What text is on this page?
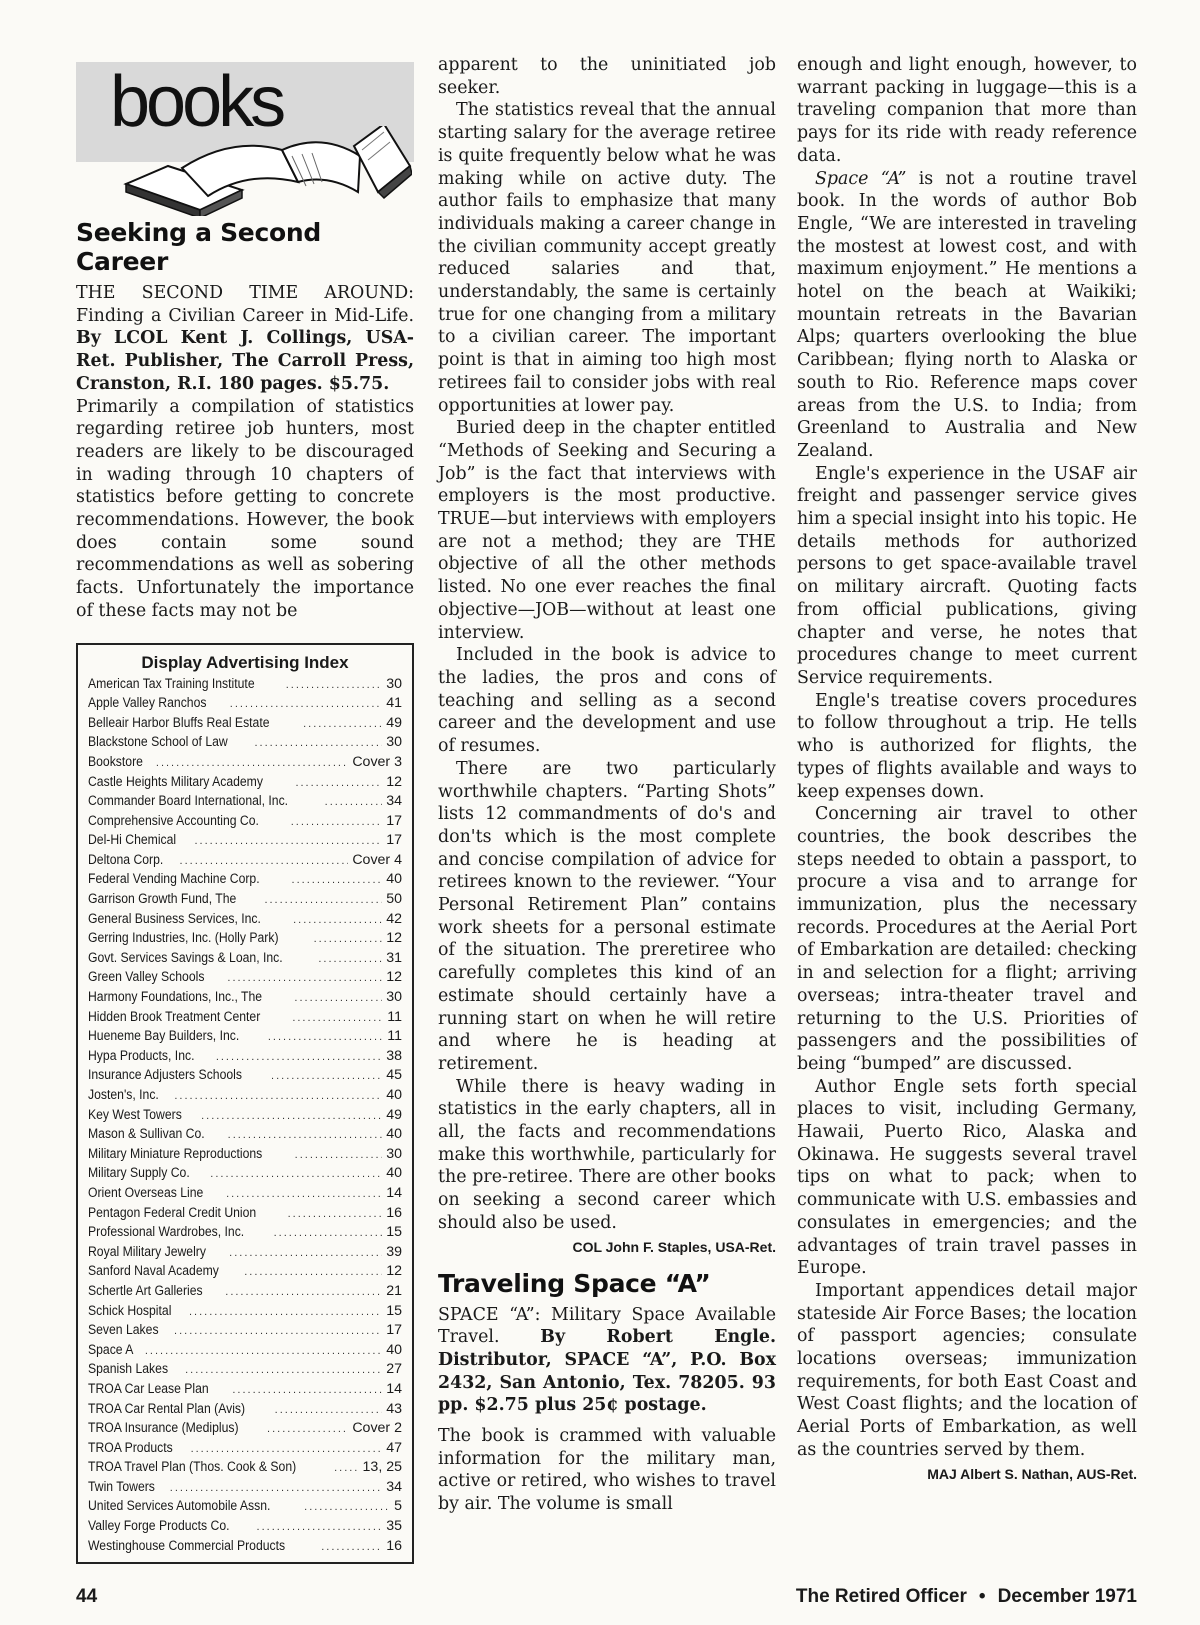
books
Seeking a Second Career

THE SECOND TIME AROUND: Finding a Civilian Career in Mid-Life. By LCOL Kent J. Collings, USA-Ret. Publisher, The Carroll Press, Cranston, R.I. 180 pages. $5.75.

Primarily a compilation of statistics regarding retiree job hunters, most readers are likely to be discouraged in wading through 10 chapters of statistics before getting to concrete recommendations. However, the book does contain some sound recommendations as well as sobering facts. Unfortunately the importance of these facts may not be

Display Advertising Index
American Tax Training Institute .....	30
Apple Valley Ranchos .....	41
Belleair Harbor Bluffs Real Estate .....	49
Blackstone School of Law .....	30
Bookstore .....	Cover 3
Castle Heights Military Academy .....	12
Commander Board International, Inc. .....	34
Comprehensive Accounting Co. .....	17
Del-Hi Chemical .....	17
Deltona Corp. .....	Cover 4
Federal Vending Machine Corp. .....	40
Garrison Growth Fund, The .....	50
General Business Services, Inc. .....	42
Gerring Industries, Inc. (Holly Park) .....	12
Govt. Services Savings & Loan, Inc. .....	31
Green Valley Schools .....	12
Harmony Foundations, Inc., The .....	30
Hidden Brook Treatment Center .....	11
Hueneme Bay Builders, Inc. .....	11
Hypa Products, Inc. .....	38
Insurance Adjusters Schools .....	45
Josten's, Inc. .....	40
Key West Towers .....	49
Mason & Sullivan Co. .....	40
Military Miniature Reproductions .....	30
Military Supply Co. .....	40
Orient Overseas Line .....	14
Pentagon Federal Credit Union .....	16
Professional Wardrobes, Inc. .....	15
Royal Military Jewelry .....	39
Sanford Naval Academy .....	12
Schertle Art Galleries .....	21
Schick Hospital .....	15
Seven Lakes .....	17
Space A .....	40
Spanish Lakes .....	27
TROA Car Lease Plan .....	14
TROA Car Rental Plan (Avis) .....	43
TROA Insurance (Mediplus) .....	Cover 2
TROA Products .....	47
TROA Travel Plan (Thos. Cook & Son) .....	13, 25
Twin Towers .....	34
United Services Automobile Assn. .....	5
Valley Forge Products Co. .....	35
Westinghouse Commercial Products .....	16

apparent to the uninitiated job seeker.

The statistics reveal that the annual starting salary for the average retiree is quite frequently below what he was making while on active duty. The author fails to emphasize that many individuals making a career change in the civilian community accept greatly reduced salaries and that, understandably, the same is certainly true for one changing from a military to a civilian career. The important point is that in aiming too high most retirees fail to consider jobs with real opportunities at lower pay.

Buried deep in the chapter entitled “Methods of Seeking and Securing a Job” is the fact that interviews with employers is the most productive. TRUE—but interviews with employers are not a method; they are THE objective of all the other methods listed. No one ever reaches the final objective—JOB—without at least one interview.

Included in the book is advice to the ladies, the pros and cons of teaching and selling as a second career and the development and use of resumes.

There are two particularly worthwhile chapters. “Parting Shots” lists 12 commandments of do's and don'ts which is the most complete and concise compilation of advice for retirees known to the reviewer. “Your Personal Retirement Plan” contains work sheets for a personal estimate of the situation. The preretiree who carefully completes this kind of an estimate should certainly have a running start on when he will retire and where he is heading at retirement.

While there is heavy wading in statistics in the early chapters, all in all, the facts and recommendations make this worthwhile, particularly for the pre-retiree. There are other books on seeking a second career which should also be used.

COL John F. Staples, USA-Ret.
Traveling Space “A”

SPACE “A”: Military Space Available Travel. By Robert Engle. Distributor, SPACE “A”, P.O. Box 2432, San Antonio, Tex. 78205. 93 pp. $2.75 plus 25¢ postage.

The book is crammed with valuable information for the military man, active or retired, who wishes to travel by air. The volume is small

enough and light enough, however, to warrant packing in luggage—this is a traveling companion that more than pays for its ride with ready reference data.

Space “A” is not a routine travel book. In the words of author Bob Engle, “We are interested in traveling the mostest at lowest cost, and with maximum enjoyment.” He mentions a hotel on the beach at Waikiki; mountain retreats in the Bavarian Alps; quarters overlooking the blue Caribbean; flying north to Alaska or south to Rio. Reference maps cover areas from the U.S. to India; from Greenland to Australia and New Zealand.

Engle's experience in the USAF air freight and passenger service gives him a special insight into his topic. He details methods for authorized persons to get space-available travel on military aircraft. Quoting facts from official publications, giving chapter and verse, he notes that procedures change to meet current Service requirements.

Engle's treatise covers procedures to follow throughout a trip. He tells who is authorized for flights, the types of flights available and ways to keep expenses down.

Concerning air travel to other countries, the book describes the steps needed to obtain a passport, to procure a visa and to arrange for immunization, plus the necessary records. Procedures at the Aerial Port of Embarkation are detailed: checking in and selection for a flight; arriving overseas; intra-theater travel and returning to the U.S. Priorities of passengers and the possibilities of being “bumped” are discussed.

Author Engle sets forth special places to visit, including Germany, Hawaii, Puerto Rico, Alaska and Okinawa. He suggests several travel tips on what to pack; when to communicate with U.S. embassies and consulates in emergencies; and the advantages of train travel passes in Europe.

Important appendices detail major stateside Air Force Bases; the location of passport agencies; consulate locations overseas; immunization requirements, for both East Coast and West Coast flights; and the location of Aerial Ports of Embarkation, as well as the countries served by them.

MAJ Albert S. Nathan, AUS-Ret.
44	The Retired Officer • December 1971
